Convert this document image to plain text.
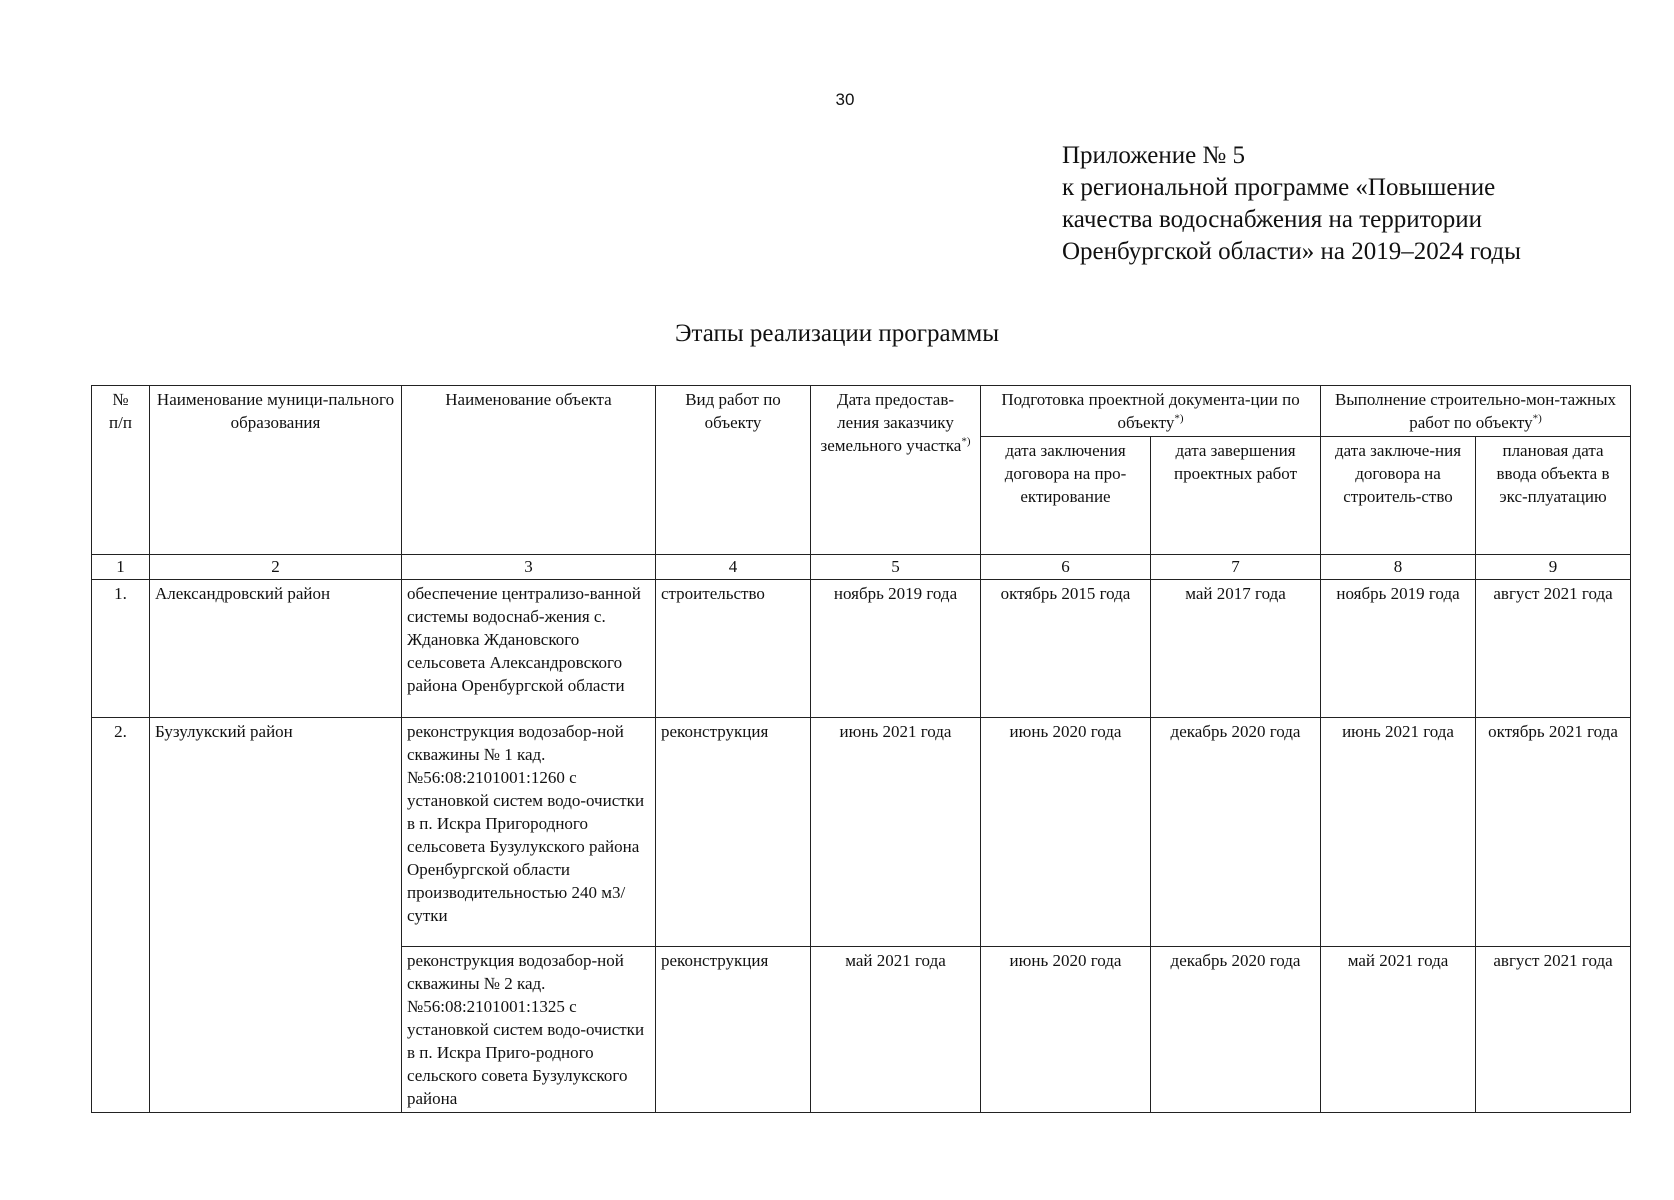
30
Приложение № 5
к региональной программе «Повышение
качества водоснабжения на территории
Оренбургской области» на 2019–2024 годы
Этапы реализации программы
№
п/п	Наименование муници-пального образования	Наименование объекта	Вид работ по объекту	Дата предостав-ления заказчику земельного участка*)	Подготовка проектной документа-ции по объекту*)		Выполнение строительно-мон-тажных работ по объекту*)
					дата заключения договора на про-ектирование	дата завершения проектных работ	дата заключе-ния договора на строитель-ство	плановая дата ввода объекта в экс-плуатацию
1	2	3	4	5	6	7	8	9
1.	Александровский район	обеспечение централизо-ванной системы водоснаб-жения с. Ждановка Ждановского сельсовета Александровского района Оренбургской области	строительство	ноябрь 2019 года	октябрь 2015 года	май 2017 года	ноябрь 2019 года	август 2021 года
2.	Бузулукский район	реконструкция водозабор-ной скважины № 1 кад.№56:08:2101001:1260 с установкой систем водо-очистки в п. Искра Пригородного сельсовета Бузулукского района Оренбургской области производительностью 240 м3/сутки	реконструкция	июнь 2021 года	июнь 2020 года	декабрь 2020 года	июнь 2021 года	октябрь 2021 года
		реконструкция водозабор-ной скважины № 2 кад.№56:08:2101001:1325 с установкой систем водо-очистки в п. Искра Приго-родного сельского совета Бузулукского района	реконструкция	май 2021 года	июнь 2020 года	декабрь 2020 года	май 2021 года	август 2021 года
